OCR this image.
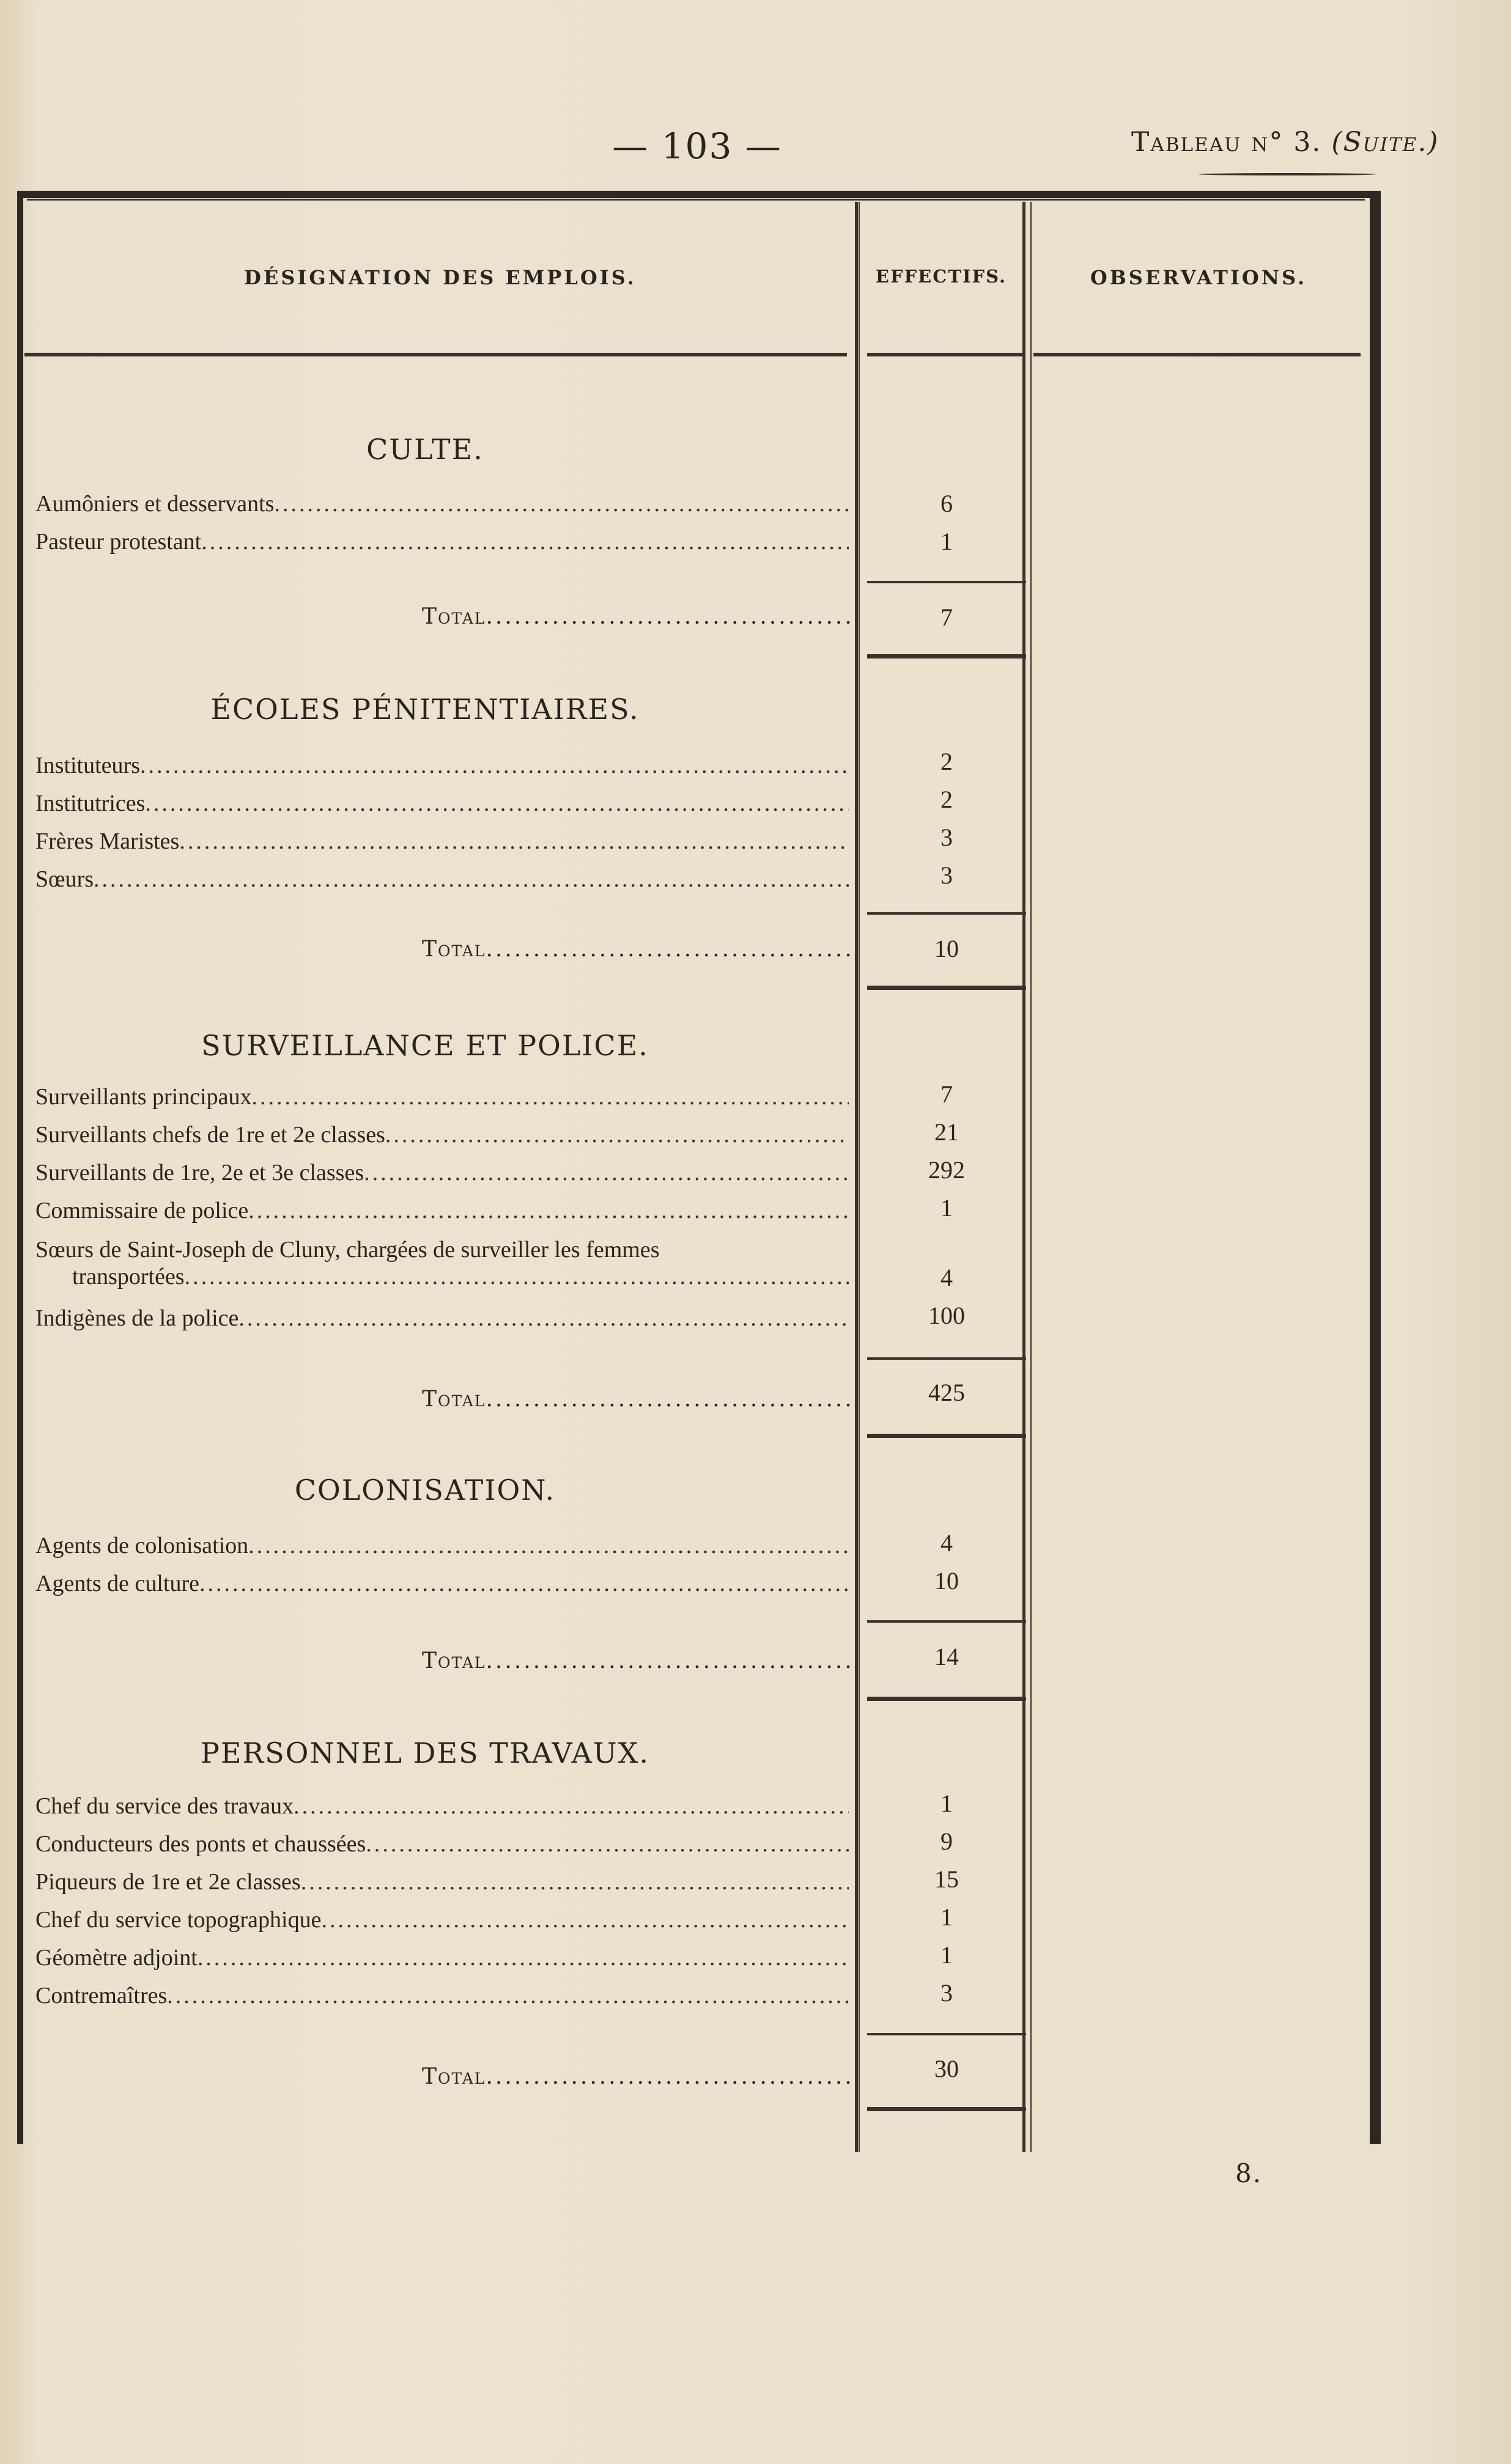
— 103 —	Tableau n° 3. (Suite.)
DÉSIGNATION DES EMPLOIS.	EFFECTIFS.	OBSERVATIONS.
CULTE.
Aumôniers et desservants .....	6
Pasteur protestant .....	1
Total .....	7
ÉCOLES PÉNITENTIAIRES.
Instituteurs .....	2
Institutrices .....	2
Frères Maristes .....	3
Sœurs .....	3
Total .....	10
SURVEILLANCE ET POLICE.
Surveillants principaux .....	7
Surveillants chefs de 1re et 2e classes .....	21
Surveillants de 1re, 2e et 3e classes .....	292
Commissaire de police .....	1
Sœurs de Saint-Joseph de Cluny, chargées de surveiller les femmes
transportées .....	4
Indigènes de la police .....	100
Total .....	425
COLONISATION.
Agents de colonisation .....	4
Agents de culture .....	10
Total .....	14
PERSONNEL DES TRAVAUX.
Chef du service des travaux .....	1
Conducteurs des ponts et chaussées .....	9
Piqueurs de 1re et 2e classes .....	15
Chef du service topographique .....	1
Géomètre adjoint .....	1
Contremaîtres .....	3
Total .....	30
8.
